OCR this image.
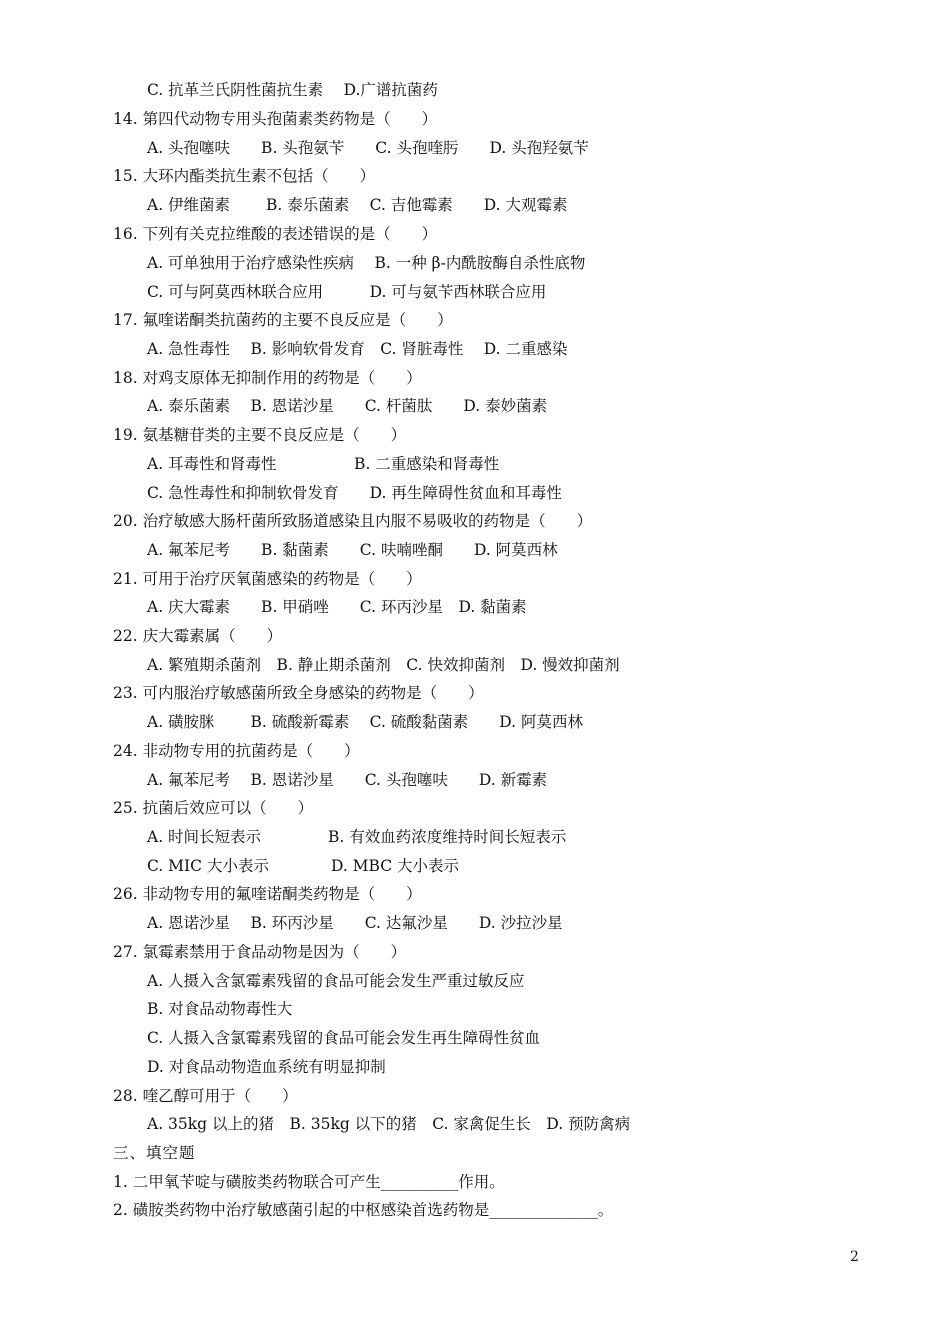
C. 抗革兰氏阴性菌抗生素　 D.广谱抗菌药
14. 第四代动物专用头孢菌素类药物是（　　）
A. 头孢噻呋　　B. 头孢氨苄　　C. 头孢喹肟　　D. 头孢羟氨苄
15. 大环内酯类抗生素不包括（　　）
A. 伊维菌素　　 B. 泰乐菌素　 C. 吉他霉素　　D. 大观霉素
16. 下列有关克拉维酸的表述错误的是（　　）
A. 可单独用于治疗感染性疾病　 B. 一种 β-内酰胺酶自杀性底物
C. 可与阿莫西林联合应用　　　D. 可与氨苄西林联合应用
17. 氟喹诺酮类抗菌药的主要不良反应是（　　）
A. 急性毒性　 B. 影响软骨发育　C. 肾脏毒性　 D. 二重感染
18. 对鸡支原体无抑制作用的药物是（　　）
A. 泰乐菌素　 B. 恩诺沙星　　C. 杆菌肽　　D. 泰妙菌素
19. 氨基糖苷类的主要不良反应是（　　）
A. 耳毒性和肾毒性　　　　　B. 二重感染和肾毒性
C. 急性毒性和抑制软骨发育　　D. 再生障碍性贫血和耳毒性
20. 治疗敏感大肠杆菌所致肠道感染且内服不易吸收的药物是（　　）
A. 氟苯尼考　　B. 黏菌素　　C. 呋喃唑酮　　D. 阿莫西林
21. 可用于治疗厌氧菌感染的药物是（　　）
A. 庆大霉素　　B. 甲硝唑　　C. 环丙沙星　D. 黏菌素
22. 庆大霉素属（　　）
A. 繁殖期杀菌剂　B. 静止期杀菌剂　C. 快效抑菌剂　D. 慢效抑菌剂
23. 可内服治疗敏感菌所致全身感染的药物是（　　）
A. 磺胺脒　　 B. 硫酸新霉素　 C. 硫酸黏菌素　　D. 阿莫西林
24. 非动物专用的抗菌药是（　　）
A. 氟苯尼考　 B. 恩诺沙星　　C. 头孢噻呋　　D. 新霉素
25. 抗菌后效应可以（　　）
A. 时间长短表示　　　　 B. 有效血药浓度维持时间长短表示
C. MIC 大小表示　　　　D. MBC 大小表示
26. 非动物专用的氟喹诺酮类药物是（　　）
A. 恩诺沙星　 B. 环丙沙星　　C. 达氟沙星　　D. 沙拉沙星
27. 氯霉素禁用于食品动物是因为（　　）
A. 人摄入含氯霉素残留的食品可能会发生严重过敏反应
B. 对食品动物毒性大
C. 人摄入含氯霉素残留的食品可能会发生再生障碍性贫血
D. 对食品动物造血系统有明显抑制
28. 喹乙醇可用于（　　）
A. 35kg 以上的猪　B. 35kg 以下的猪　C. 家禽促生长　D. 预防禽病
三、填空题
1. 二甲氧苄啶与磺胺类药物联合可产生__________作用。
2. 磺胺类药物中治疗敏感菌引起的中枢感染首选药物是______________。
2
